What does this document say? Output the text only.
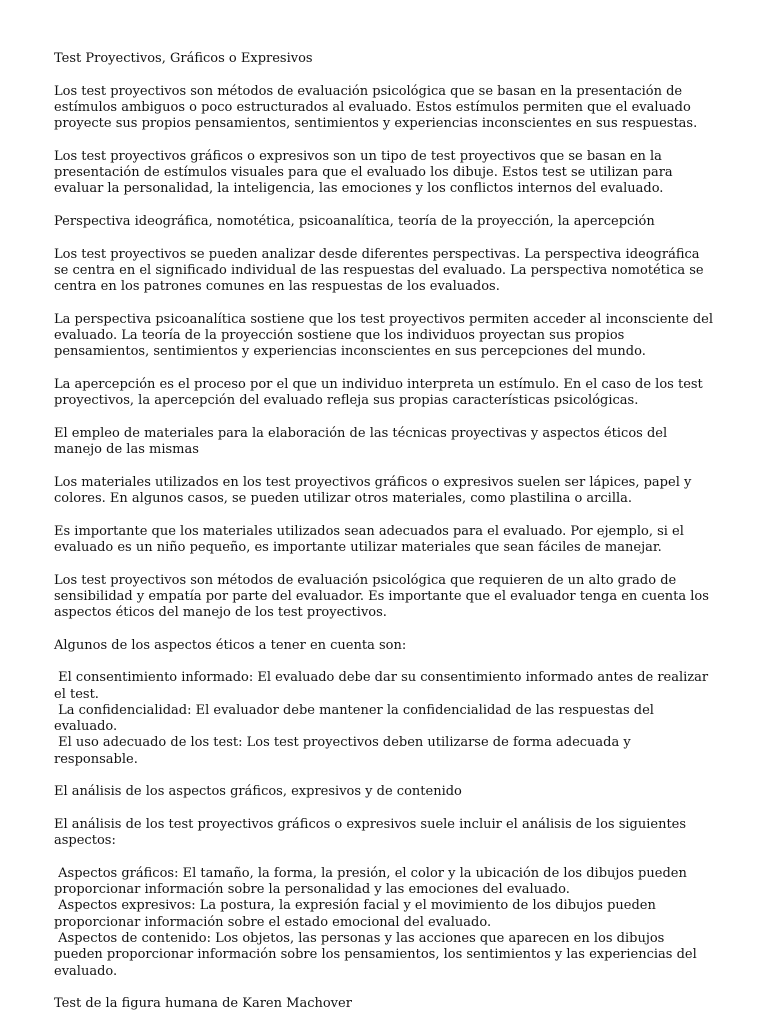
Test Proyectivos, Gráficos o Expresivos

Los test proyectivos son métodos de evaluación psicológica que se basan en la presentación de estímulos ambiguos o poco estructurados al evaluado. Estos estímulos permiten que el evaluado proyecte sus propios pensamientos, sentimientos y experiencias inconscientes en sus respuestas.

Los test proyectivos gráficos o expresivos son un tipo de test proyectivos que se basan en la presentación de estímulos visuales para que el evaluado los dibuje. Estos test se utilizan para evaluar la personalidad, la inteligencia, las emociones y los conflictos internos del evaluado.

Perspectiva ideográfica, nomotética, psicoanalítica, teoría de la proyección, la apercepción

Los test proyectivos se pueden analizar desde diferentes perspectivas. La perspectiva ideográfica se centra en el significado individual de las respuestas del evaluado. La perspectiva nomotética se centra en los patrones comunes en las respuestas de los evaluados.

La perspectiva psicoanalítica sostiene que los test proyectivos permiten acceder al inconsciente del evaluado. La teoría de la proyección sostiene que los individuos proyectan sus propios pensamientos, sentimientos y experiencias inconscientes en sus percepciones del mundo.

La apercepción es el proceso por el que un individuo interpreta un estímulo. En el caso de los test proyectivos, la apercepción del evaluado refleja sus propias características psicológicas.

El empleo de materiales para la elaboración de las técnicas proyectivas y aspectos éticos del manejo de las mismas

Los materiales utilizados en los test proyectivos gráficos o expresivos suelen ser lápices, papel y colores. En algunos casos, se pueden utilizar otros materiales, como plastilina o arcilla.

Es importante que los materiales utilizados sean adecuados para el evaluado. Por ejemplo, si el evaluado es un niño pequeño, es importante utilizar materiales que sean fáciles de manejar.

Los test proyectivos son métodos de evaluación psicológica que requieren de un alto grado de sensibilidad y empatía por parte del evaluador. Es importante que el evaluador tenga en cuenta los aspectos éticos del manejo de los test proyectivos.

Algunos de los aspectos éticos a tener en cuenta son:

El consentimiento informado: El evaluado debe dar su consentimiento informado antes de realizar el test.
La confidencialidad: El evaluador debe mantener la confidencialidad de las respuestas del evaluado.
El uso adecuado de los test: Los test proyectivos deben utilizarse de forma adecuada y responsable.

El análisis de los aspectos gráficos, expresivos y de contenido

El análisis de los test proyectivos gráficos o expresivos suele incluir el análisis de los siguientes aspectos:

Aspectos gráficos: El tamaño, la forma, la presión, el color y la ubicación de los dibujos pueden proporcionar información sobre la personalidad y las emociones del evaluado.
Aspectos expresivos: La postura, la expresión facial y el movimiento de los dibujos pueden proporcionar información sobre el estado emocional del evaluado.
Aspectos de contenido: Los objetos, las personas y las acciones que aparecen en los dibujos pueden proporcionar información sobre los pensamientos, los sentimientos y las experiencias del evaluado.

Test de la figura humana de Karen Machover
